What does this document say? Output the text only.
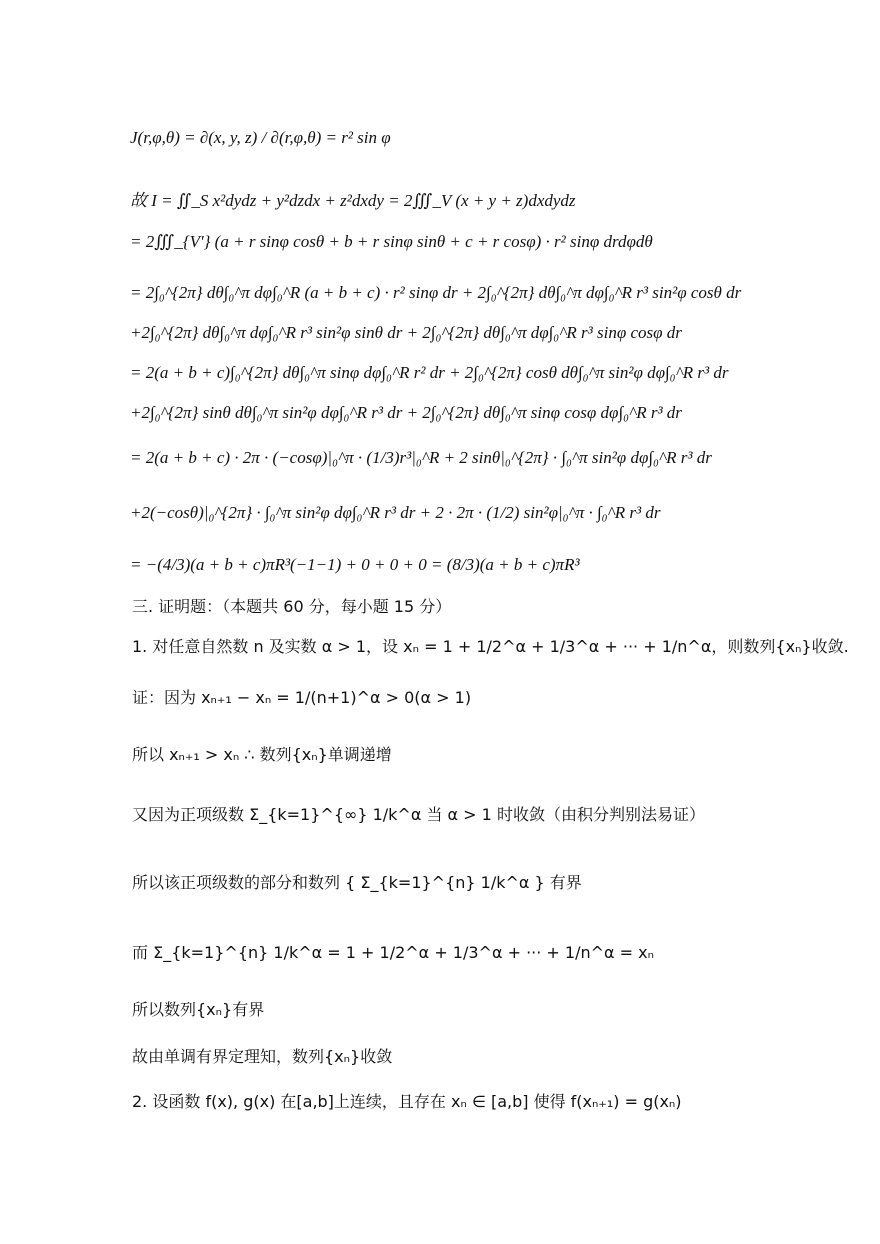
J(r,φ,θ) = ∂(x, y, z) / ∂(r,φ,θ) = r² sin φ
故 I = ∬_S x²dydz + y²dzdx + z²dxdy = 2∭_V (x + y + z)dxdydz
= 2∭_{V'} (a + r sinφ cosθ + b + r sinφ sinθ + c + r cosφ) · r² sinφ drdφdθ
= 2∫₀^{2π} dθ∫₀^π dφ∫₀^R (a + b + c) · r² sinφ dr + 2∫₀^{2π} dθ∫₀^π dφ∫₀^R r³ sin²φ cosθ dr
+2∫₀^{2π} dθ∫₀^π dφ∫₀^R r³ sin²φ sinθ dr + 2∫₀^{2π} dθ∫₀^π dφ∫₀^R r³ sinφ cosφ dr
= 2(a + b + c)∫₀^{2π} dθ∫₀^π sinφ dφ∫₀^R r² dr + 2∫₀^{2π} cosθ dθ∫₀^π sin²φ dφ∫₀^R r³ dr
+2∫₀^{2π} sinθ dθ∫₀^π sin²φ dφ∫₀^R r³ dr + 2∫₀^{2π} dθ∫₀^π sinφ cosφ dφ∫₀^R r³ dr
= 2(a + b + c) · 2π · (−cosφ)|₀^π · (1/3)r³|₀^R + 2 sinθ|₀^{2π} · ∫₀^π sin²φ dφ∫₀^R r³ dr
+2(−cosθ)|₀^{2π} · ∫₀^π sin²φ dφ∫₀^R r³ dr + 2 · 2π · (1/2) sin²φ|₀^π · ∫₀^R r³ dr
= −(4/3)(a + b + c)πR³(−1−1) + 0 + 0 + 0 = (8/3)(a + b + c)πR³
三. 证明题：（本题共 60 分，每小题 15 分）
1. 对任意自然数 n 及实数 α > 1，设 xₙ = 1 + 1/2^α + 1/3^α + ··· + 1/n^α，则数列{xₙ}收敛.
证：因为 xₙ₊₁ − xₙ = 1/(n+1)^α > 0(α > 1)
所以 xₙ₊₁ > xₙ ∴ 数列{xₙ}单调递增
又因为正项级数 Σ_{k=1}^{∞} 1/k^α 当 α > 1 时收敛（由积分判别法易证）
所以该正项级数的部分和数列 { Σ_{k=1}^{n} 1/k^α } 有界
而 Σ_{k=1}^{n} 1/k^α = 1 + 1/2^α + 1/3^α + ··· + 1/n^α = xₙ
所以数列{xₙ}有界
故由单调有界定理知，数列{xₙ}收敛
2. 设函数 f(x), g(x) 在[a,b]上连续，且存在 xₙ ∈ [a,b] 使得 f(xₙ₊₁) = g(xₙ)
